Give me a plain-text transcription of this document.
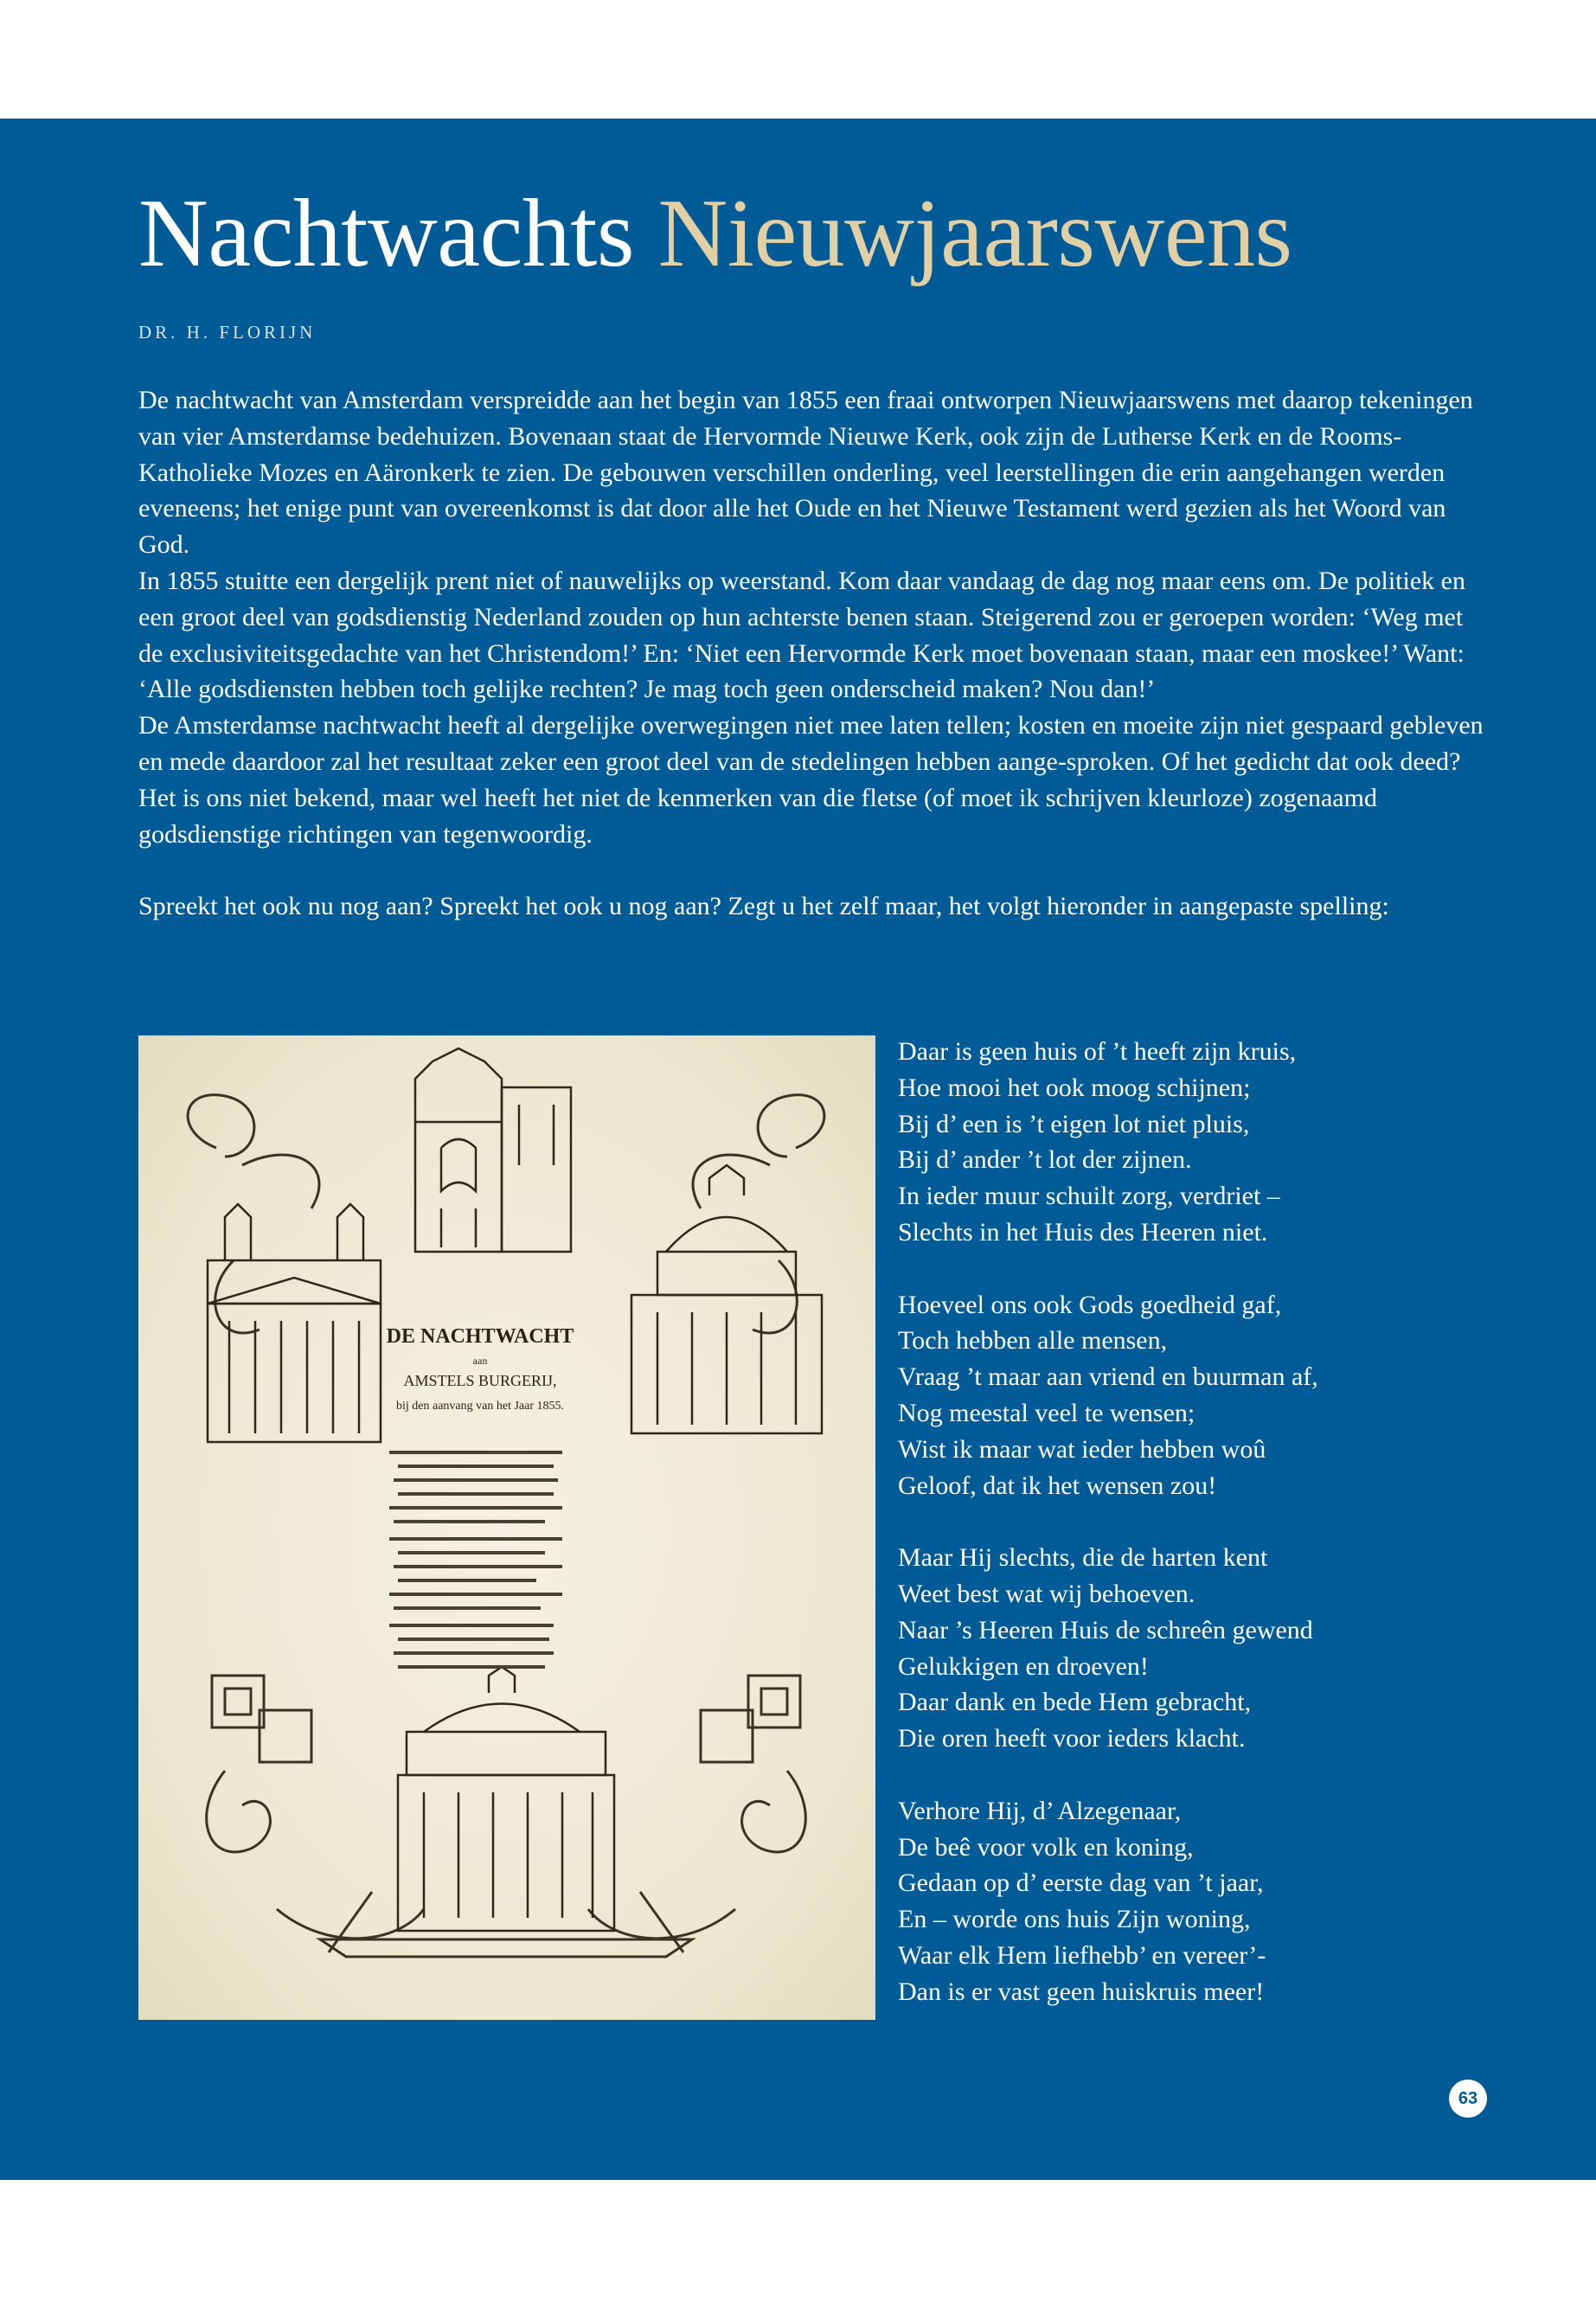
Nachtwachts Nieuwjaarswens
DR. H. FLORIJN

De nachtwacht van Amsterdam verspreidde aan het begin van 1855 een fraai ontworpen Nieuwjaarswens met daarop tekeningen van vier Amsterdamse bedehuizen. Bovenaan staat de Hervormde Nieuwe Kerk, ook zijn de Lutherse Kerk en de Rooms-Katholieke Mozes en Aäronkerk te zien. De gebouwen verschillen onderling, veel leerstellingen die erin aangehangen werden eveneens; het enige punt van overeenkomst is dat door alle het Oude en het Nieuwe Testament werd gezien als het Woord van God.

In 1855 stuitte een dergelijk prent niet of nauwelijks op weerstand. Kom daar vandaag de dag nog maar eens om. De politiek en een groot deel van godsdienstig Nederland zouden op hun achterste benen staan. Steigerend zou er geroepen worden: ‘Weg met de exclusiviteitsgedachte van het Christendom!’ En: ‘Niet een Hervormde Kerk moet bovenaan staan, maar een moskee!’ Want: ‘Alle godsdiensten hebben toch gelijke rechten? Je mag toch geen onderscheid maken? Nou dan!’

De Amsterdamse nachtwacht heeft al dergelijke overwegingen niet mee laten tellen; kosten en moeite zijn niet gespaard gebleven en mede daardoor zal het resultaat zeker een groot deel van de stedelingen hebben aange-sproken. Of het gedicht dat ook deed? Het is ons niet bekend, maar wel heeft het niet de kenmerken van die fletse (of moet ik schrijven kleurloze) zogenaamd godsdienstige richtingen van tegenwoordig.

Spreekt het ook nu nog aan? Spreekt het ook u nog aan? Zegt u het zelf maar, het volgt hieronder in aangepaste spelling:

DE NACHTWACHT
aan
AMSTELS BURGERIJ,
bij den aanvang van het Jaar 1855.
Daar is geen huis of ’t heeft zijn kruis,
Hoe mooi het ook moog schijnen;
Bij d’ een is ’t eigen lot niet pluis,
Bij d’ ander ’t lot der zijnen.
In ieder muur schuilt zorg, verdriet –
Slechts in het Huis des Heeren niet.
Hoeveel ons ook Gods goedheid gaf,
Toch hebben alle mensen,
Vraag ’t maar aan vriend en buurman af,
Nog meestal veel te wensen;
Wist ik maar wat ieder hebben woû
Geloof, dat ik het wensen zou!
Maar Hij slechts, die de harten kent
Weet best wat wij behoeven.
Naar ’s Heeren Huis de schreên gewend
Gelukkigen en droeven!
Daar dank en bede Hem gebracht,
Die oren heeft voor ieders klacht.
Verhore Hij, d’ Alzegenaar,
De beê voor volk en koning,
Gedaan op d’ eerste dag van ’t jaar,
En – worde ons huis Zijn woning,
Waar elk Hem liefhebb’ en vereer’-
Dan is er vast geen huiskruis meer!
63
